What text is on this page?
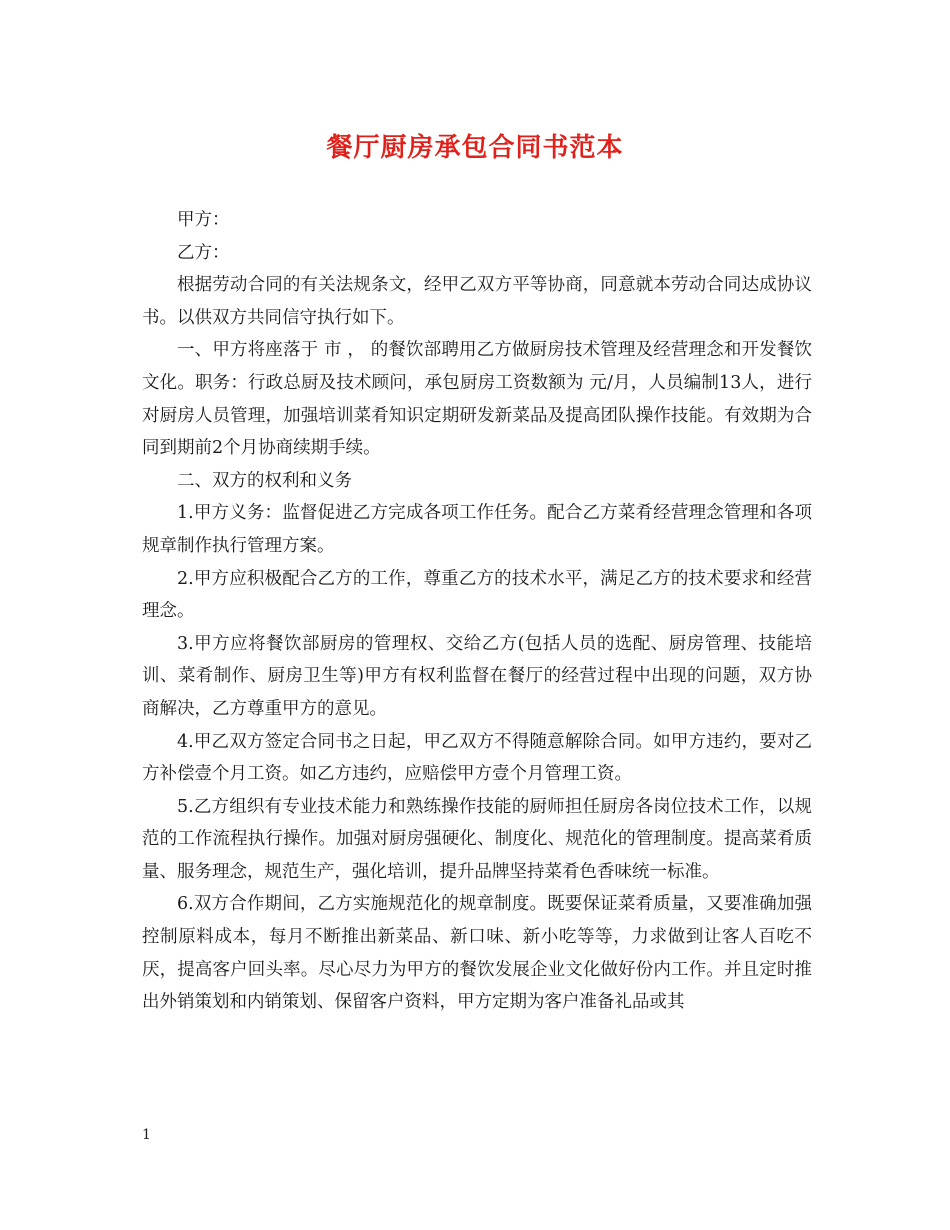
餐厅厨房承包合同书范本

甲方：

乙方：

根据劳动合同的有关法规条文，经甲乙双方平等协商，同意就本劳动合同达成协议书。以供双方共同信守执行如下。

一、甲方将座落于 市 ， 的餐饮部聘用乙方做厨房技术管理及经营理念和开发餐饮文化。职务：行政总厨及技术顾问，承包厨房工资数额为 元/月，人员编制13人，进行对厨房人员管理，加强培训菜肴知识定期研发新菜品及提高团队操作技能。有效期为合同到期前2个月协商续期手续。

二、双方的权利和义务

1.甲方义务：监督促进乙方完成各项工作任务。配合乙方菜肴经营理念管理和各项规章制作执行管理方案。

2.甲方应积极配合乙方的工作，尊重乙方的技术水平，满足乙方的技术要求和经营理念。

3.甲方应将餐饮部厨房的管理权、交给乙方(包括人员的选配、厨房管理、技能培训、菜肴制作、厨房卫生等)甲方有权利监督在餐厅的经营过程中出现的问题，双方协商解决，乙方尊重甲方的意见。

4.甲乙双方签定合同书之日起，甲乙双方不得随意解除合同。如甲方违约，要对乙方补偿壹个月工资。如乙方违约，应赔偿甲方壹个月管理工资。

5.乙方组织有专业技术能力和熟练操作技能的厨师担任厨房各岗位技术工作，以规范的工作流程执行操作。加强对厨房强硬化、制度化、规范化的管理制度。提高菜肴质量、服务理念，规范生产，强化培训，提升品牌坚持菜肴色香味统一标准。

6.双方合作期间，乙方实施规范化的规章制度。既要保证菜肴质量，又要准确加强控制原料成本，每月不断推出新菜品、新口味、新小吃等等，力求做到让客人百吃不厌，提高客户回头率。尽心尽力为甲方的餐饮发展企业文化做好份内工作。并且定时推出外销策划和内销策划、保留客户资料，甲方定期为客户准备礼品或其

1
